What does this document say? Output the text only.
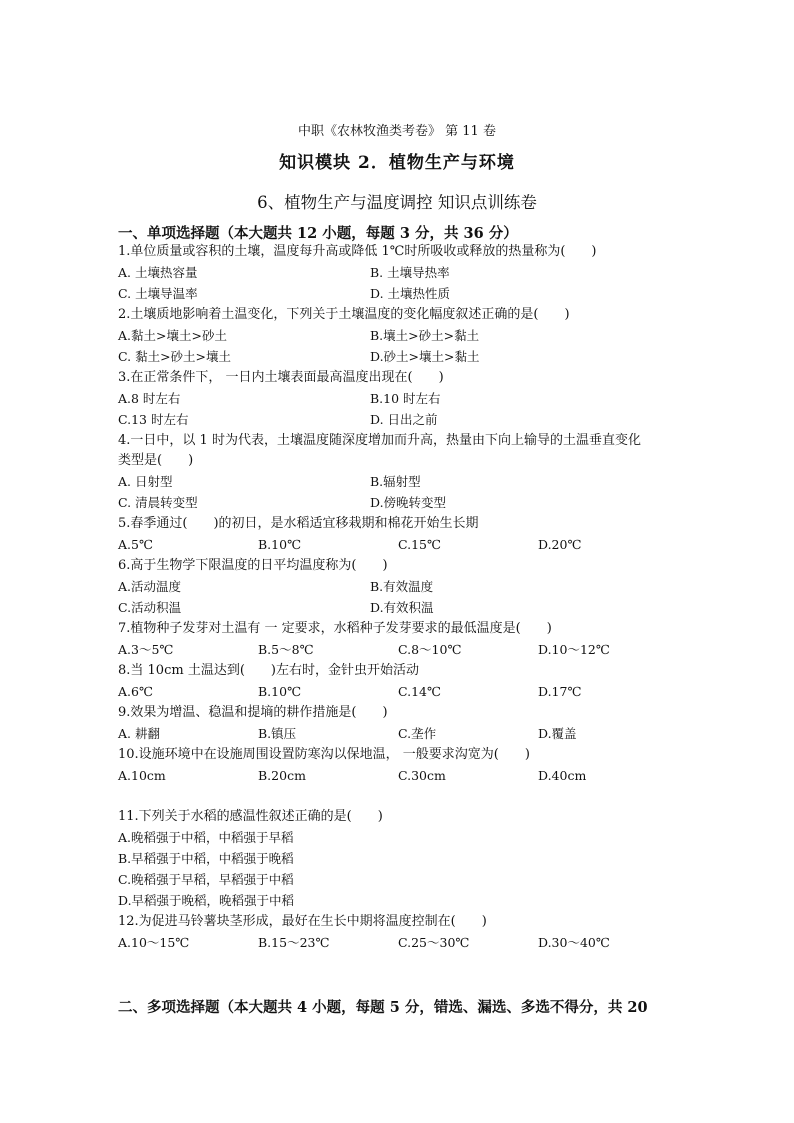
中职《农林牧渔类考卷》 第 11 卷
知识模块 2．植物生产与环境
6、植物生产与温度调控 知识点训练卷
一、单项选择题（本大题共 12 小题，每题 3 分，共 36 分）
1.单位质量或容积的土壤，温度每升高或降低 1℃时所吸收或释放的热量称为(　　)
A. 土壤热容量	B. 土壤导热率
C. 土壤导温率	D. 土壤热性质
2.土壤质地影响着土温变化，下列关于土壤温度的变化幅度叙述正确的是(　　)
A.黏土>壤土>砂土	B.壤土>砂土>黏土
C. 黏土>砂土>壤土	D.砂土>壤土>黏土
3.在正常条件下， 一日内土壤表面最高温度出现在(　　)
A.8 时左右	B.10 时左右
C.13 时左右	D. 日出之前
4.一日中，以 1 时为代表，土壤温度随深度增加而升高，热量由下向上输导的土温垂直变化
类型是(　　)
A. 日射型	B.辐射型
C. 清晨转变型	D.傍晚转变型
5.春季通过(　　)的初日，是水稻适宜移栽期和棉花开始生长期
A.5℃	B.10℃	C.15℃	D.20℃
6.高于生物学下限温度的日平均温度称为(　　)
A.活动温度	B.有效温度
C.活动积温	D.有效积温
7.植物种子发芽对土温有 一 定要求，水稻种子发芽要求的最低温度是(　　)
A.3～5℃	B.5～8℃	C.8～10℃	D.10～12℃
8.当 10cm 土温达到(　　)左右时，金针虫开始活动
A.6℃	B.10℃	C.14℃	D.17℃
9.效果为增温、稳温和提墒的耕作措施是(　　)
A. 耕翻	B.镇压	C.垄作	D.覆盖
10.设施环境中在设施周围设置防寒沟以保地温， 一般要求沟宽为(　　)
A.10cm	B.20cm	C.30cm	D.40cm
11.下列关于水稻的感温性叙述正确的是(　　)
A.晚稻强于中稻，中稻强于早稻
B.早稻强于中稻，中稻强于晚稻
C.晚稻强于早稻，早稻强于中稻
D.早稻强于晚稻，晚稻强于中稻
12.为促进马铃薯块茎形成，最好在生长中期将温度控制在(　　)
A.10～15℃	B.15～23℃	C.25～30℃	D.30～40℃
二、多项选择题（本大题共 4 小题，每题 5 分，错选、漏选、多选不得分，共 20
